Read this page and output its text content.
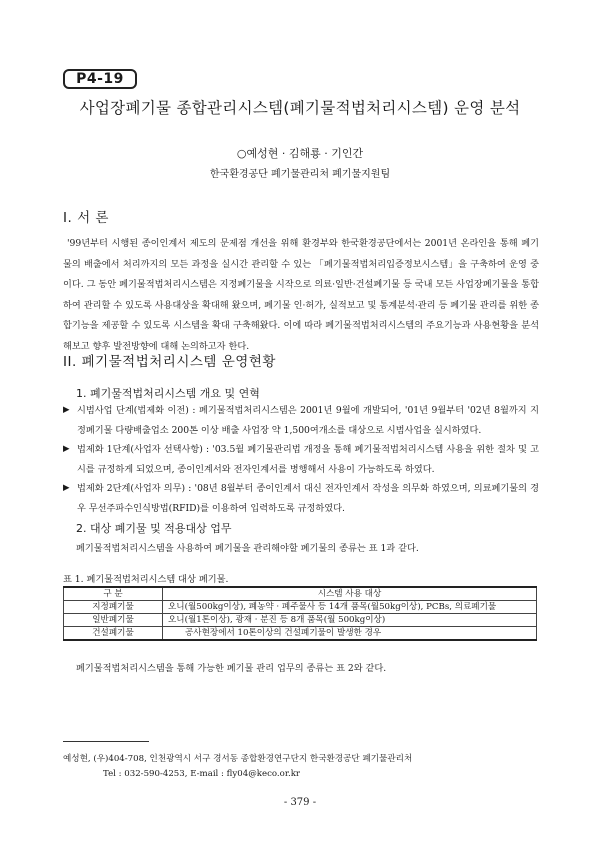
P4-19
사업장폐기물 종합관리시스템(폐기물적법처리시스템) 운영 분석
○예성현 · 김해룡 · 기인간
한국환경공단 폐기물관리처 폐기물지원팀
I. 서 론
'99년부터 시행된 종이인계서 제도의 문제점 개선을 위해 환경부와 한국환경공단에서는 2001년 온라인을 통해 폐기물의 배출에서 처리까지의 모든 과정을 실시간 관리할 수 있는 「폐기물적법처리입증정보시스템」을 구축하여 운영 중이다. 그 동안 폐기물적법처리시스템은 지정폐기물을 시작으로 의료·일반·건설폐기물 등 국내 모든 사업장폐기물을 통합하여 관리할 수 있도록 사용대상을 확대해 왔으며, 폐기물 인·허가, 실적보고 및 통계분석·관리 등 폐기물 관리를 위한 종합기능을 제공할 수 있도록 시스템을 확대 구축해왔다. 이에 따라 폐기물적법처리시스템의 주요기능과 사용현황을 분석해보고 향후 발전방향에 대해 논의하고자 한다.
II. 폐기물적법처리시스템 운영현황
1. 폐기물적법처리시스템 개요 및 연혁
▶ 시범사업 단계(법제화 이전) : 폐기물적법처리시스템은 2001년 9월에 개발되어, '01년 9월부터 '02년 8월까지 지정폐기물 다량배출업소 200톤 이상 배출 사업장 약 1,500여개소를 대상으로 시범사업을 실시하였다.
▶ 법제화 1단계(사업자 선택사항) : '03.5월 폐기물관리법 개정을 통해 폐기물적법처리시스템 사용을 위한 절차 및 고시를 규정하게 되었으며, 종이인계서와 전자인계서를 병행해서 사용이 가능하도록 하였다.
▶ 법제화 2단계(사업자 의무) : '08년 8월부터 종이인계서 대신 전자인계서 작성을 의무화 하였으며, 의료폐기물의 경우 무선주파수인식방법(RFID)를 이용하여 입력하도록 규정하였다.
2. 대상 폐기물 및 적용대상 업무
폐기물적법처리시스템을 사용하여 폐기물을 관리해야할 폐기물의 종류는 표 1과 같다.
표 1. 폐기물적법처리시스템 대상 폐기물.
구 분	시스템 사용 대상
지정폐기물	오니(월500kg이상), 폐농약 · 폐주물사 등 14개 품목(월50kg이상), PCBs, 의료폐기물
일반폐기물	오니(월1톤이상), 광재 · 분진 등 8개 품목(월 500kg이상)
건설폐기물	공사현장에서 10톤이상의 건설폐기물이 발생한 경우
폐기물적법처리시스템을 통해 가능한 폐기물 관리 업무의 종류는 표 2와 같다.
예성현, (우)404-708, 인천광역시 서구 경서동 종합환경연구단지 한국환경공단 폐기물관리처
Tel : 032-590-4253, E-mail : fly04@keco.or.kr
- 379 -
